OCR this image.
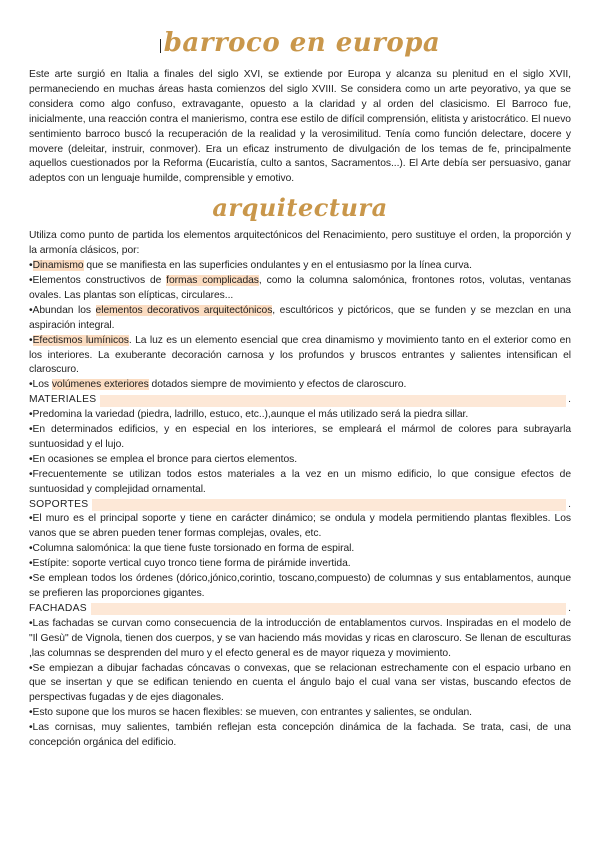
barroco en europa

Este arte surgió en Italia a finales del siglo XVI, se extiende por Europa y alcanza su plenitud en el siglo XVII, permaneciendo en muchas áreas hasta comienzos del siglo XVIII. Se considera como un arte peyorativo, ya que se considera como algo confuso, extravagante, opuesto a la claridad y al orden del clasicismo. El Barroco fue, inicialmente, una reacción contra el manierismo, contra ese estilo de difícil comprensión, elitista y aristocrático. El nuevo sentimiento barroco buscó la recuperación de la realidad y la verosimilitud. Tenía como función delectare, docere y movere (deleitar, instruir, conmover). Era un eficaz instrumento de divulgación de los temas de fe, principalmente aquellos cuestionados por la Reforma (Eucaristía, culto a santos, Sacramentos...). El Arte debía ser persuasivo, ganar adeptos con un lenguaje humilde, comprensible y emotivo.

arquitectura

Utiliza como punto de partida los elementos arquitectónicos del Renacimiento, pero sustituye el orden, la proporción y la armonía clásicos, por:

•Dinamismo que se manifiesta en las superficies ondulantes y en el entusiasmo por la línea curva.

•Elementos constructivos de formas complicadas, como la columna salomónica, frontones rotos, volutas, ventanas ovales. Las plantas son elípticas, circulares...

•Abundan los elementos decorativos arquitectónicos, escultóricos y pictóricos, que se funden y se mezclan en una aspiración integral.

•Efectismos lumínicos. La luz es un elemento esencial que crea dinamismo y movimiento tanto en el exterior como en los interiores. La exuberante decoración carnosa y los profundos y bruscos entrantes y salientes intensifican el claroscuro.

•Los volúmenes exteriores dotados siempre de movimiento y efectos de claroscuro.

MATERIALES	.

•Predomina la variedad (piedra, ladrillo, estuco, etc..),aunque el más utilizado será la piedra sillar.

•En determinados edificios, y en especial en los interiores, se empleará el mármol de colores para subrayarla suntuosidad y el lujo.

•En ocasiones se emplea el bronce para ciertos elementos.

•Frecuentemente se utilizan todos estos materiales a la vez en un mismo edificio, lo que consigue efectos de suntuosidad y complejidad ornamental.

SOPORTES	.

•El muro es el principal soporte y tiene en carácter dinámico; se ondula y modela permitiendo plantas flexibles. Los vanos que se abren pueden tener formas complejas, ovales, etc.

•Columna salomónica: la que tiene fuste torsionado en forma de espiral.

•Estípite: soporte vertical cuyo tronco tiene forma de pirámide invertida.

•Se emplean todos los órdenes (dórico,jónico,corintio, toscano,compuesto) de columnas y sus entablamentos, aunque se prefieren las proporciones gigantes.

FACHADAS	.

•Las fachadas se curvan como consecuencia de la introducción de entablamentos curvos. Inspiradas en el modelo de "Il Gesù" de Vignola, tienen dos cuerpos, y se van haciendo más movidas y ricas en claroscuro. Se llenan de esculturas ,las columnas se desprenden del muro y el efecto general es de mayor riqueza y movimiento.

•Se empiezan a dibujar fachadas cóncavas o convexas, que se relacionan estrechamente con el espacio urbano en que se insertan y que se edifican teniendo en cuenta el ángulo bajo el cual vana ser vistas, buscando efectos de perspectivas fugadas y de ejes diagonales.

•Esto supone que los muros se hacen flexibles: se mueven, con entrantes y salientes, se ondulan.

•Las cornisas, muy salientes, también reflejan esta concepción dinámica de la fachada. Se trata, casi, de una concepción orgánica del edificio.
